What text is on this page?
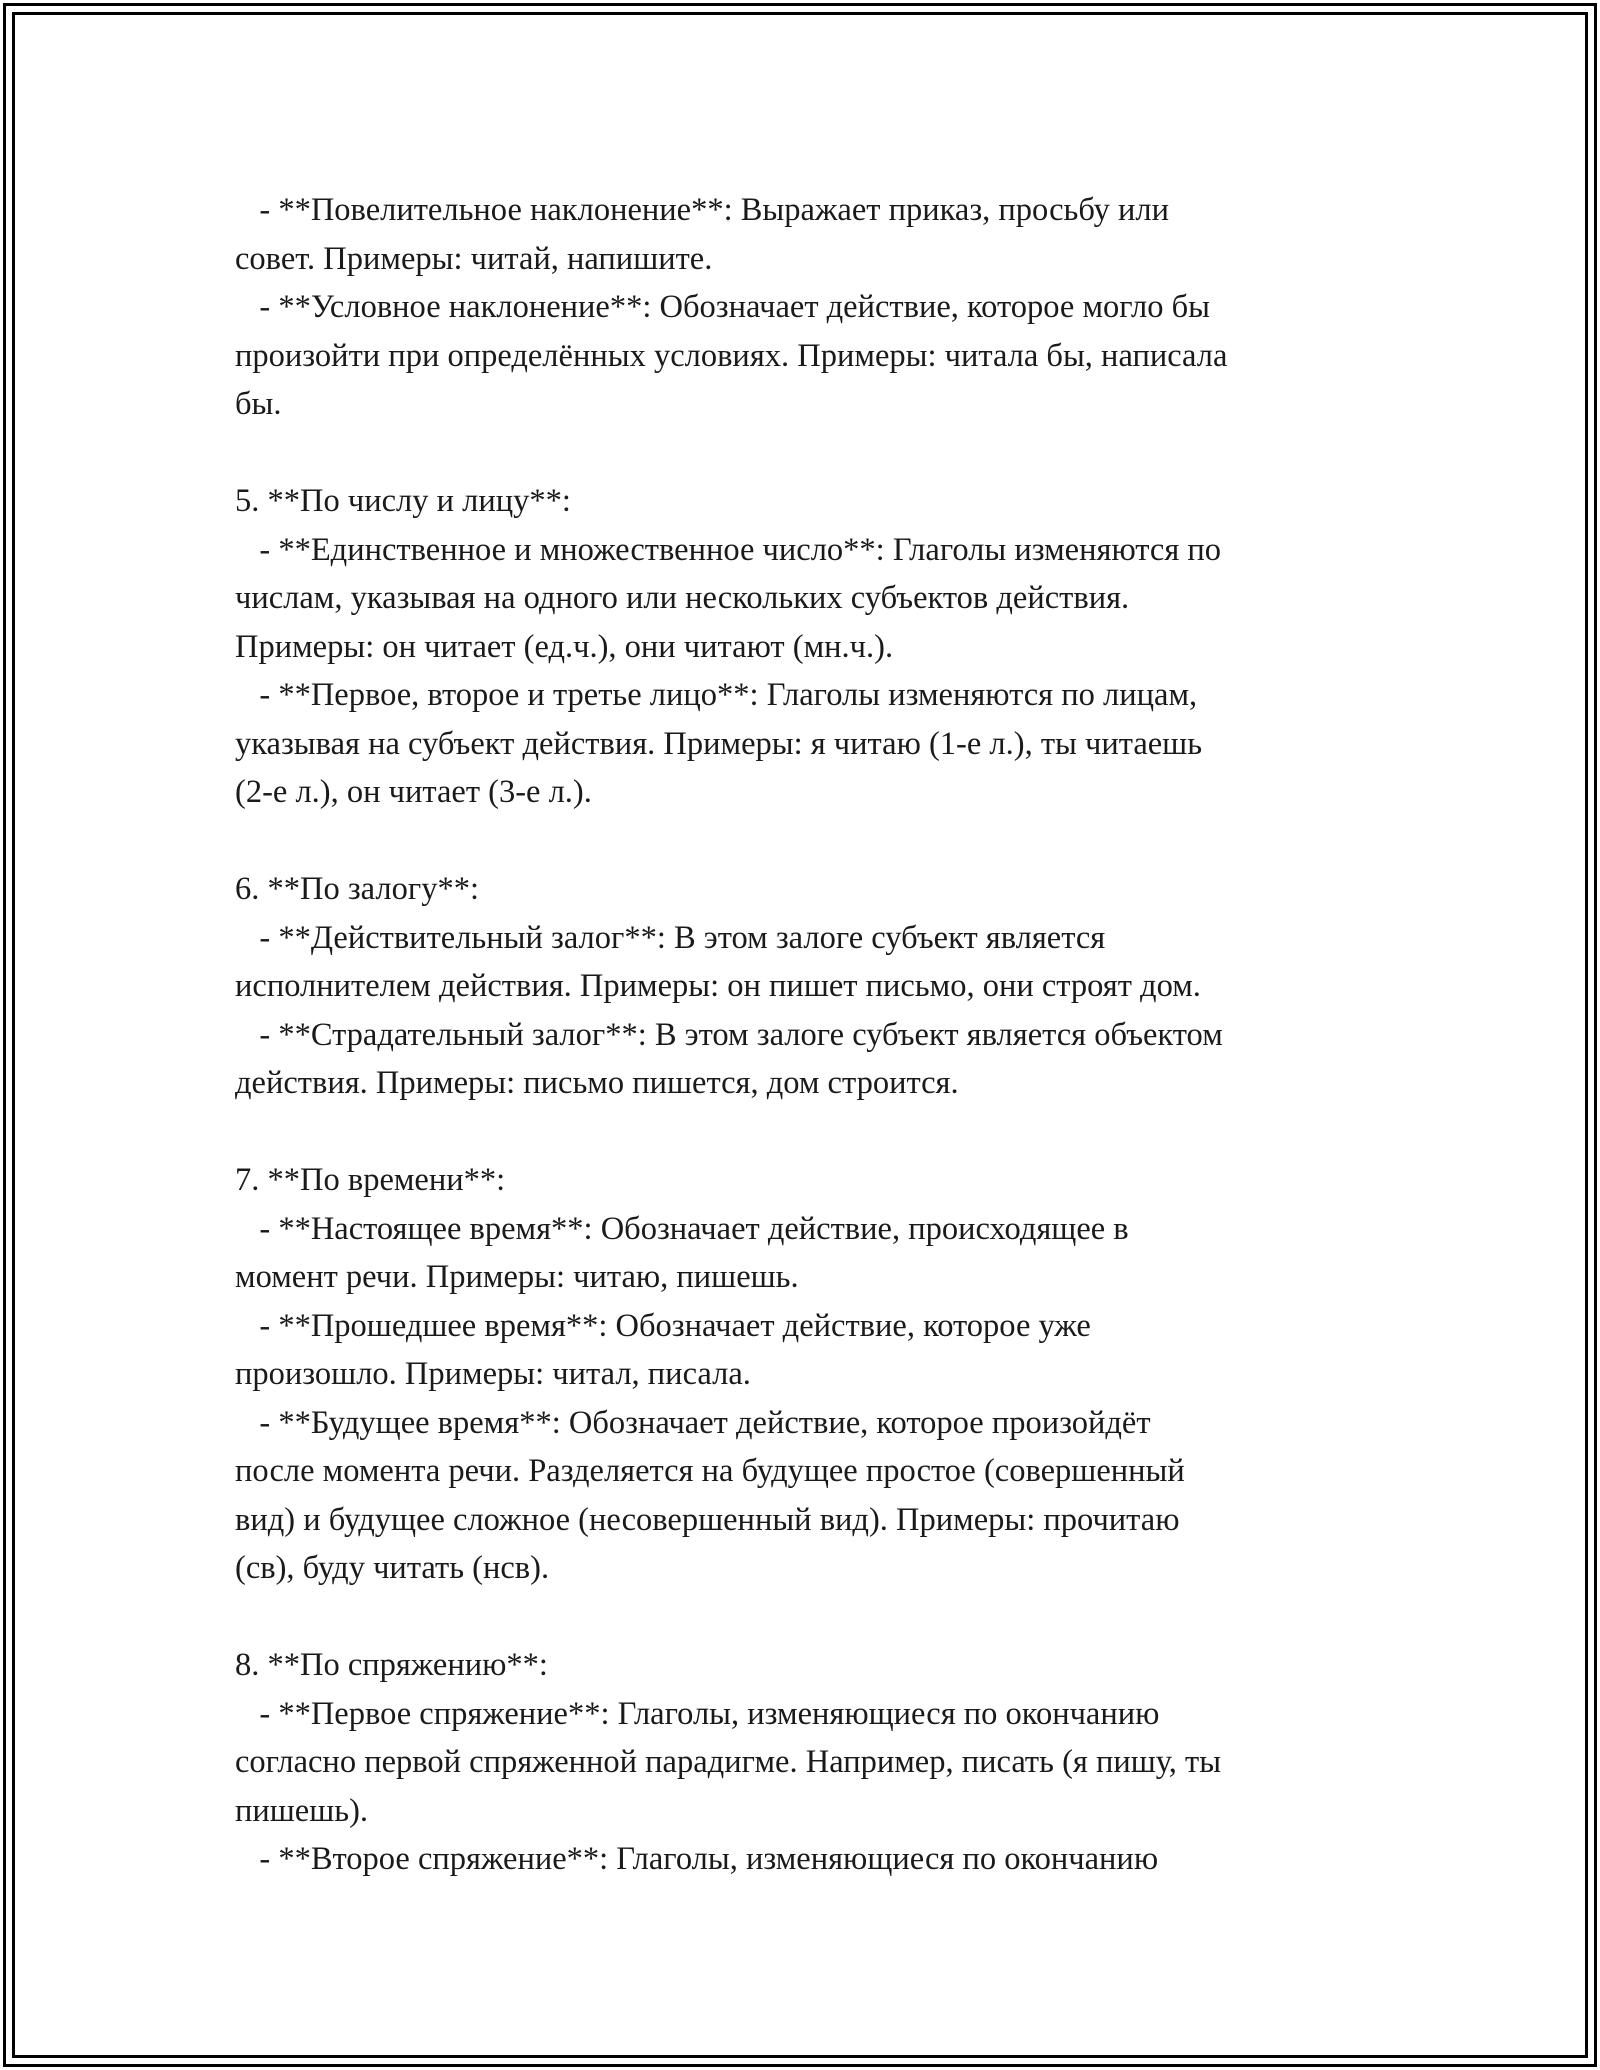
- **Повелительное наклонение**: Выражает приказ, просьбу или
совет. Примеры: читай, напишите.
- **Условное наклонение**: Обозначает действие, которое могло бы
произойти при определённых условиях. Примеры: читала бы, написала
бы.
5. **По числу и лицу**:
- **Единственное и множественное число**: Глаголы изменяются по
числам, указывая на одного или нескольких субъектов действия.
Примеры: он читает (ед.ч.), они читают (мн.ч.).
- **Первое, второе и третье лицо**: Глаголы изменяются по лицам,
указывая на субъект действия. Примеры: я читаю (1-е л.), ты читаешь
(2-е л.), он читает (3-е л.).
6. **По залогу**:
- **Действительный залог**: В этом залоге субъект является
исполнителем действия. Примеры: он пишет письмо, они строят дом.
- **Страдательный залог**: В этом залоге субъект является объектом
действия. Примеры: письмо пишется, дом строится.
7. **По времени**:
- **Настоящее время**: Обозначает действие, происходящее в
момент речи. Примеры: читаю, пишешь.
- **Прошедшее время**: Обозначает действие, которое уже
произошло. Примеры: читал, писала.
- **Будущее время**: Обозначает действие, которое произойдёт
после момента речи. Разделяется на будущее простое (совершенный
вид) и будущее сложное (несовершенный вид). Примеры: прочитаю
(св), буду читать (нсв).
8. **По спряжению**:
- **Первое спряжение**: Глаголы, изменяющиеся по окончанию
согласно первой спряженной парадигме. Например, писать (я пишу, ты
пишешь).
- **Второе спряжение**: Глаголы, изменяющиеся по окончанию
